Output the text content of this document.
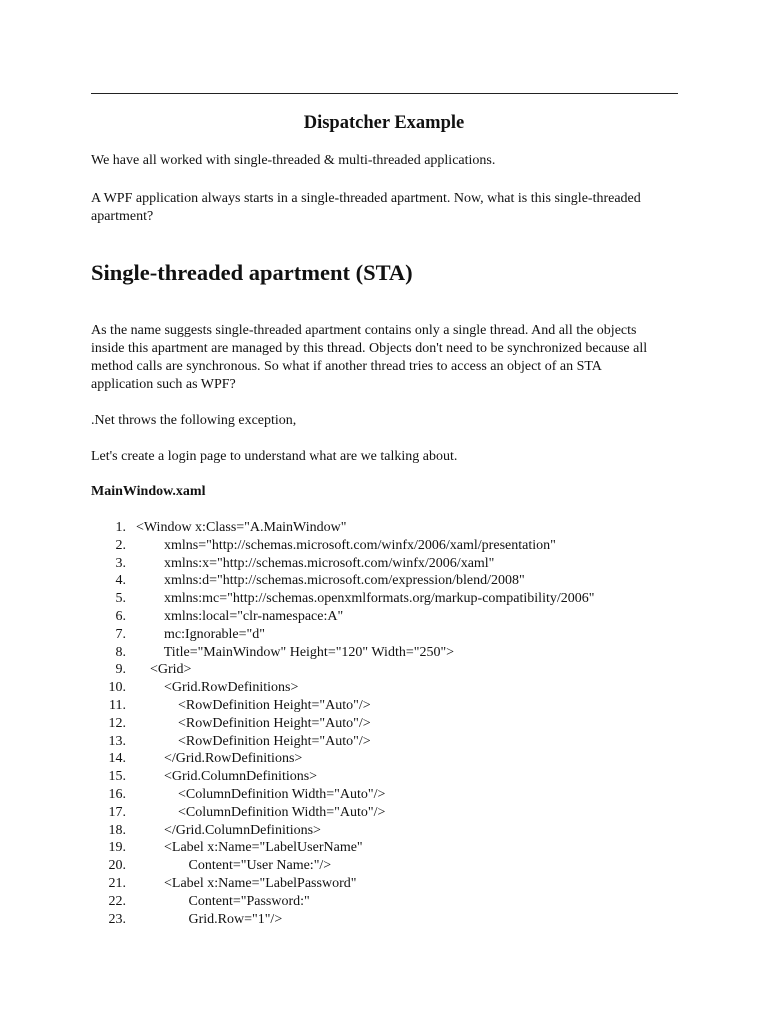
Dispatcher Example

We have all worked with single-threaded & multi-threaded applications.

A WPF application always starts in a single-threaded apartment. Now, what is this single-threaded apartment?

Single-threaded apartment (STA)

As the name suggests single-threaded apartment contains only a single thread. And all the objects inside this apartment are managed by this thread. Objects don't need to be synchronized because all method calls are synchronous. So what if another thread tries to access an object of an STA application such as WPF?

.Net throws the following exception,

Let's create a login page to understand what are we talking about.

MainWindow.xaml
1. <Window x:Class="A.MainWindow"
2. xmlns="http://schemas.microsoft.com/winfx/2006/xaml/presentation"
3. xmlns:x="http://schemas.microsoft.com/winfx/2006/xaml"
4. xmlns:d="http://schemas.microsoft.com/expression/blend/2008"
5. xmlns:mc="http://schemas.openxmlformats.org/markup-compatibility/2006"
6. xmlns:local="clr-namespace:A"
7. mc:Ignorable="d"
8. Title="MainWindow" Height="120" Width="250">
9. <Grid>
10. <Grid.RowDefinitions>
11. <RowDefinition Height="Auto"/>
12. <RowDefinition Height="Auto"/>
13. <RowDefinition Height="Auto"/>
14. </Grid.RowDefinitions>
15. <Grid.ColumnDefinitions>
16. <ColumnDefinition Width="Auto"/>
17. <ColumnDefinition Width="Auto"/>
18. </Grid.ColumnDefinitions>
19. <Label x:Name="LabelUserName"
20. Content="User Name:"/>
21. <Label x:Name="LabelPassword"
22. Content="Password:"
23. Grid.Row="1"/>
